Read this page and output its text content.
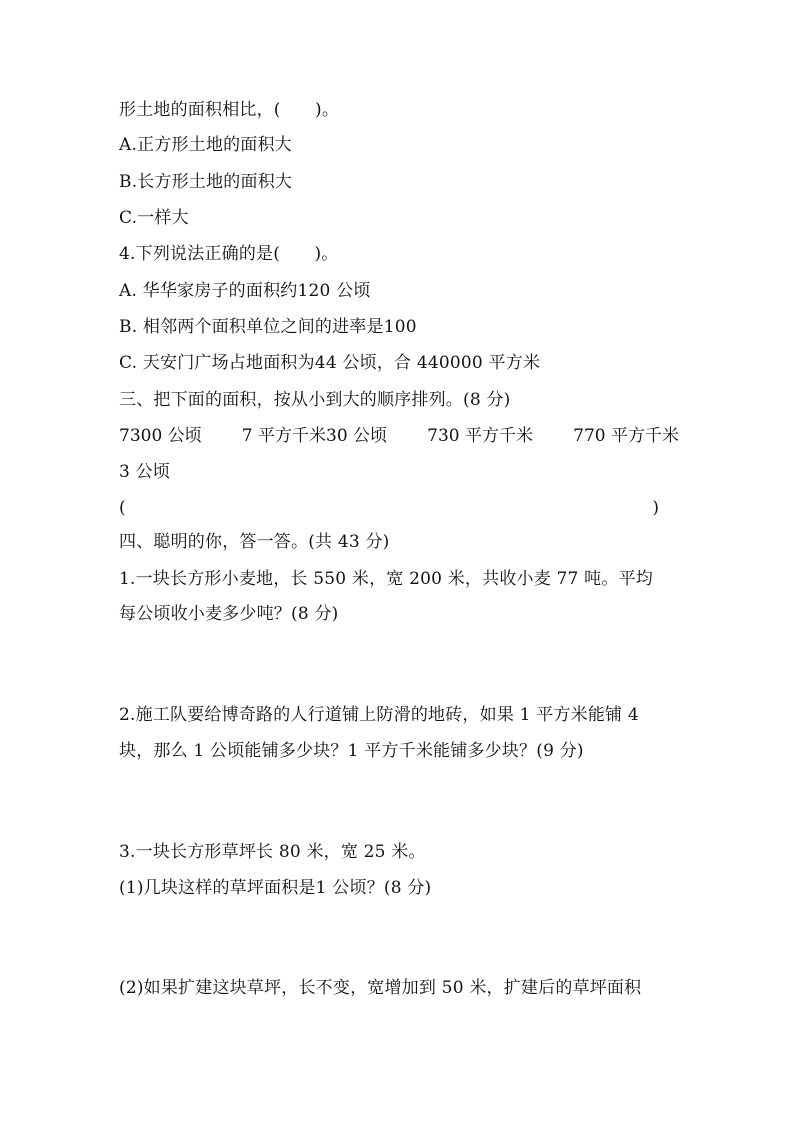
形土地的面积相比，(　　)。
A.正方形土地的面积大
B.长方形土地的面积大
C.一样大
4.下列说法正确的是(　　)。
A. 华华家房子的面积约120 公顷
B. 相邻两个面积单位之间的进率是100
C. 天安门广场占地面积为44 公顷，合 440000 平方米
三、把下面的面积，按从小到大的顺序排列。(8 分)
7300 公顷 7 平方千米30 公顷 730 平方千米 770 平方千米
3 公顷
(	)
四、聪明的你，答一答。(共 43 分)
1.一块长方形小麦地，长 550 米，宽 200 米，共收小麦 77 吨。平均
每公顷收小麦多少吨？(8 分)
2.施工队要给博奇路的人行道铺上防滑的地砖，如果 1 平方米能铺 4
块，那么 1 公顷能铺多少块？1 平方千米能铺多少块？(9 分)
3.一块长方形草坪长 80 米，宽 25 米。
(1)几块这样的草坪面积是1 公顷？(8 分)
(2)如果扩建这块草坪，长不变，宽增加到 50 米，扩建后的草坪面积
